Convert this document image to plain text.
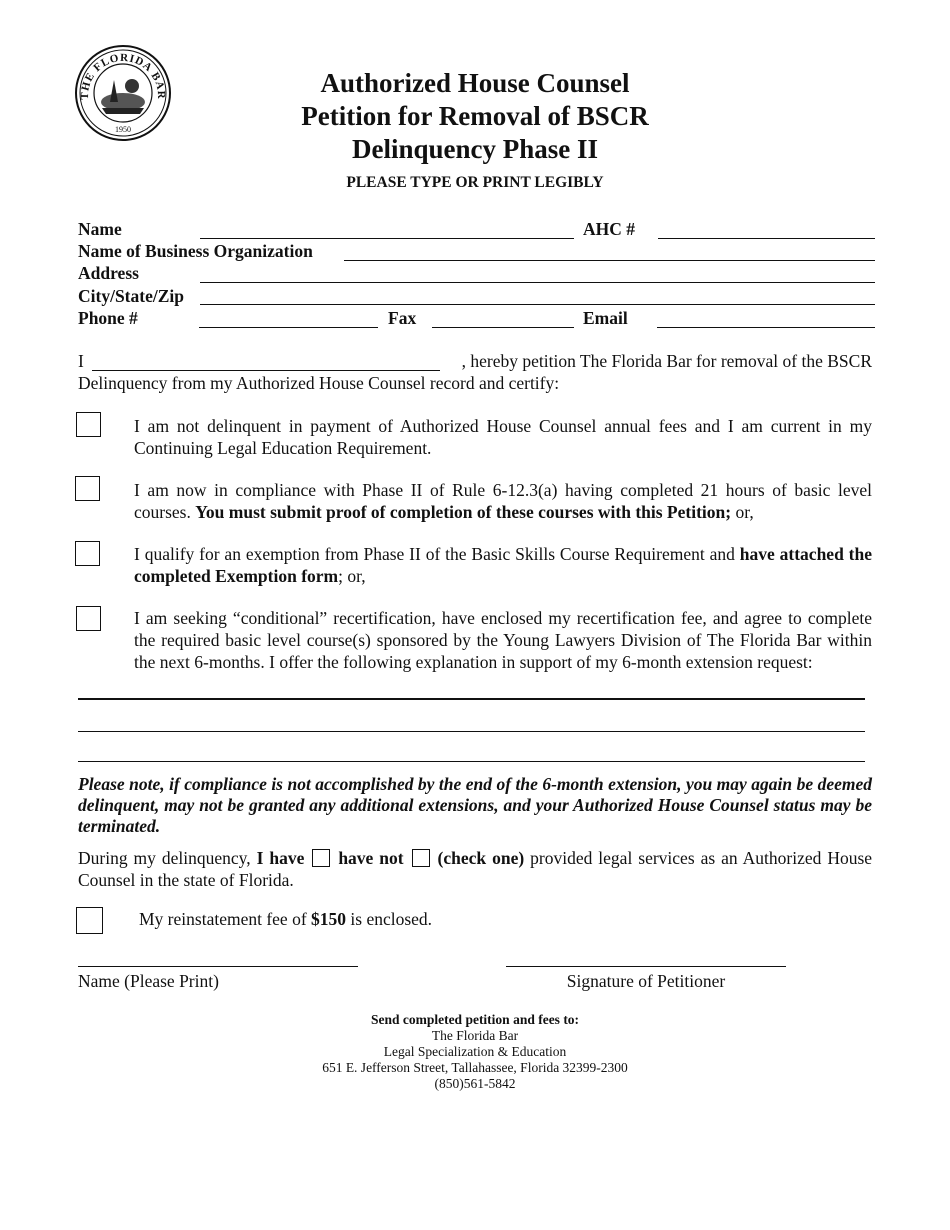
THE FLORIDA BAR
1950
Authorized House Counsel
Petition for Removal of BSCR
Delinquency Phase II
PLEASE TYPE OR PRINT LEGIBLY
Name	AHC #
Name of Business Organization
Address
City/State/Zip
Phone #	Fax	Email
I	, hereby petition The Florida Bar for removal of the BSCR
Delinquency from my Authorized House Counsel record and certify:
I am not delinquent in payment of Authorized House Counsel annual fees and I am current in my Continuing Legal Education Requirement.
I am now in compliance with Phase II of Rule 6-12.3(a) having completed 21 hours of basic level courses. You must submit proof of completion of these courses with this Petition; or,
I qualify for an exemption from Phase II of the Basic Skills Course Requirement and have attached the completed Exemption form; or,
I am seeking “conditional” recertification, have enclosed my recertification fee, and agree to complete the required basic level course(s) sponsored by the Young Lawyers Division of The Florida Bar within the next 6-months. I offer the following explanation in support of my 6-month extension request:
Please note, if compliance is not accomplished by the end of the 6-month extension, you may again be deemed delinquent, may not be granted any additional extensions, and your Authorized House Counsel status may be terminated.
During my delinquency, I have have not (check one) provided legal services as an Authorized House Counsel in the state of Florida.
My reinstatement fee of $150 is enclosed.
Name (Please Print)	Signature of Petitioner
Send completed petition and fees to:
The Florida Bar
Legal Specialization & Education
651 E. Jefferson Street, Tallahassee, Florida 32399-2300
(850)561-5842
